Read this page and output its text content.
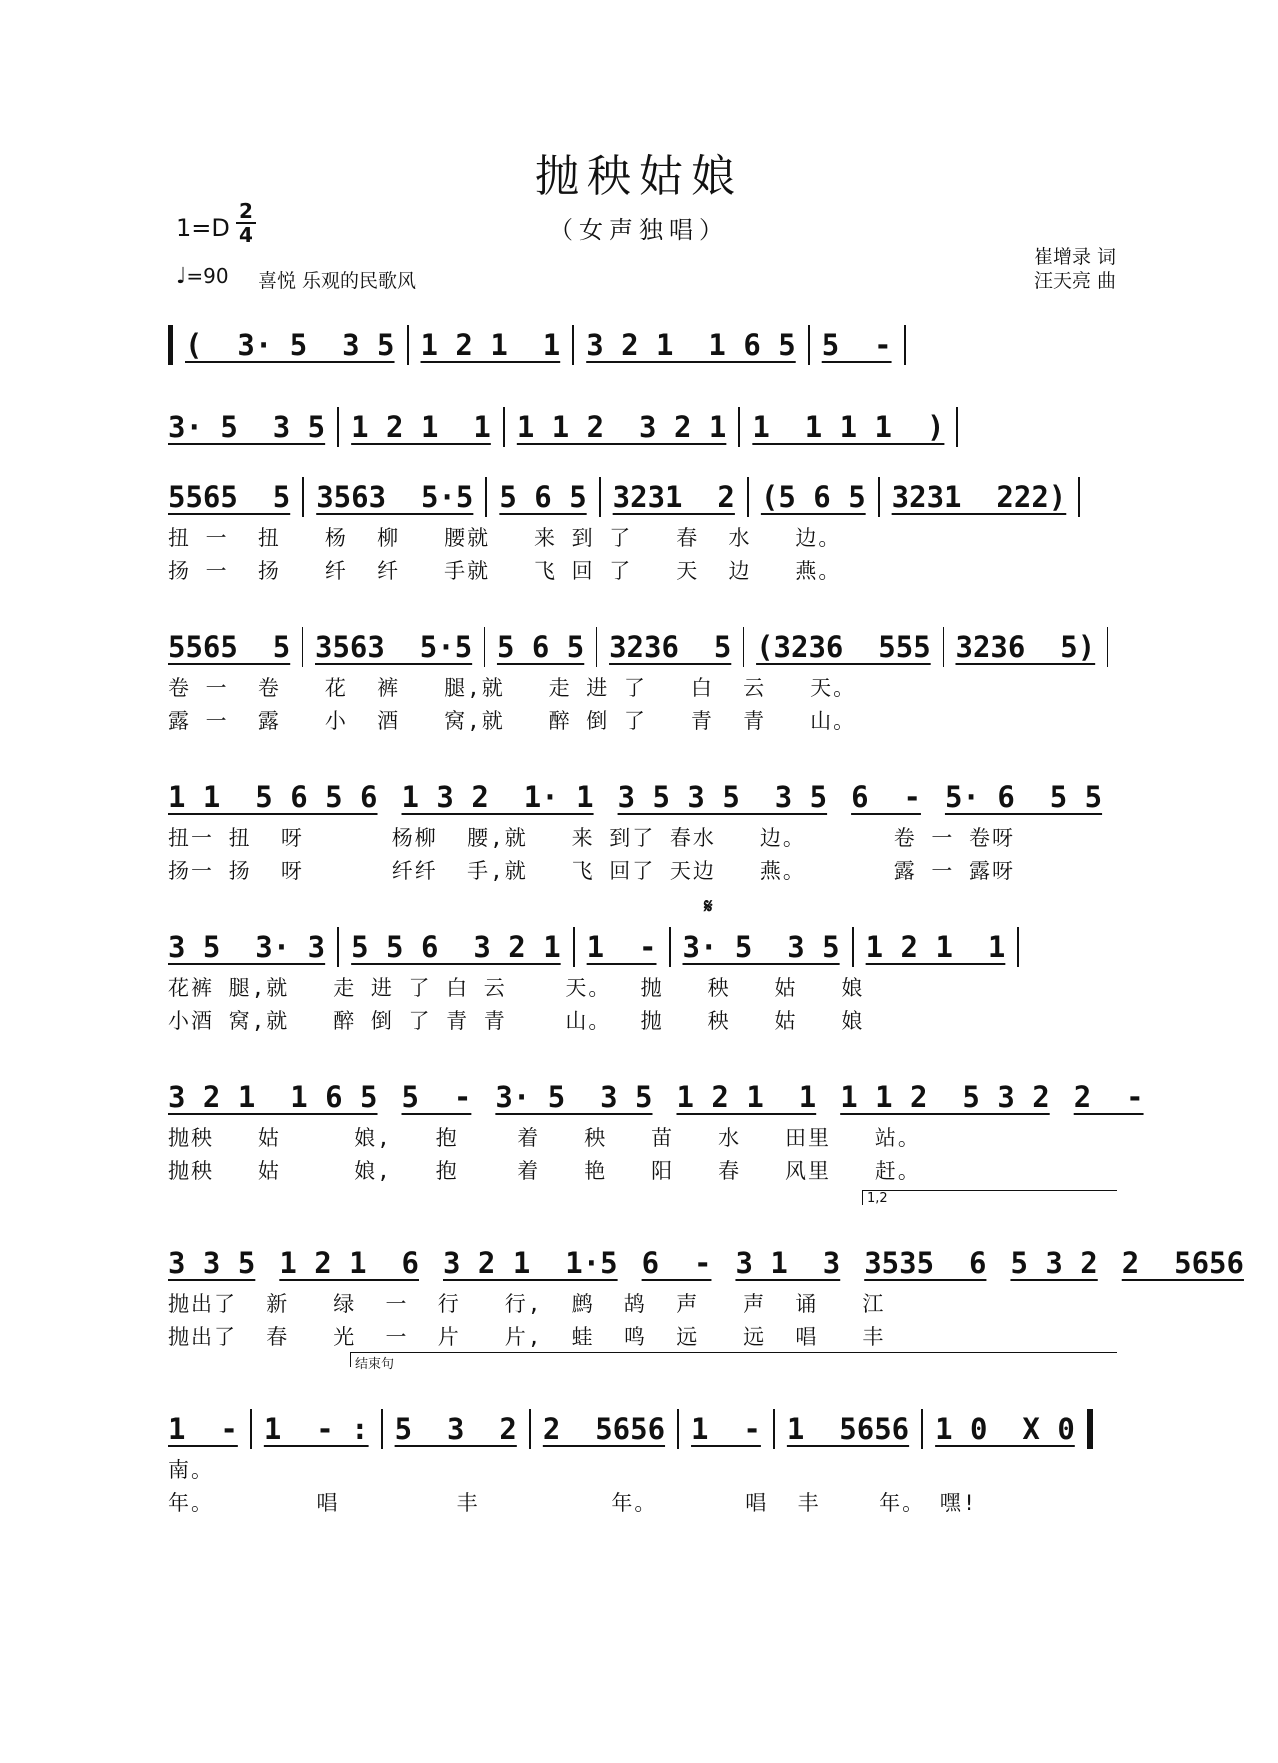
抛秧姑娘
（女声独唱）
$1=D \frac{2}{4}$
♩=90 喜悦 乐观的民歌风
崔增录 词
汪天亮 曲
(  3· 5  3 5 1 2 1  1 3 2 1  1 6 5 5  -
3· 5  3 5 1 2 1  1 1 1 2  3 2 1 1  1 1 1  )
5565  5 3563  5·5 5 6 5 3231  2 (5 6 5 3231  222)
扭 一  扭   杨  柳   腰就   来 到 了   春  水   边。
扬 一  扬   纤  纤   手就   飞 回 了   天  边   燕。
5565  5 3563  5·5 5 6 5 3236  5 (3236  555 3236  5)
卷 一  卷   花  裤   腿,就   走 进 了   白  云   天。
露 一  露   小  酒   窝,就   醉 倒 了   青  青   山。
1 1  5 6 5 6 1 3 2  1· 1 3 5 3 5  3 5 6  - 5· 6  5 5
扭一 扭  呀      杨柳  腰,就   来 到了 春水   边。      卷 一 卷呀
扬一 扬  呀      纤纤  手,就   飞 回了 天边   燕。      露 一 露呀
3 5  3· 3 5 5 6  3 2 1 1  - 3· 5  3 5 1 2 1  1
花裤 腿,就   走 进 了 白 云    天。  抛   秧   姑   娘
小酒 窝,就   醉 倒 了 青 青    山。  抛   秧   姑   娘
3 2 1  1 6 5 5  - 3· 5  3 5 1 2 1  1 1 1 2  5 3 2 2  -
抛秧   姑     娘,   抱    着   秧   苗   水   田里   站。
抛秧   姑     娘,   抱    着   艳   阳   春   风里   赶。
3 3 5 1 2 1  6 3 2 1  1·5 6  - 3 1  3 3535  6 5 3 2 2  5656
抛出了  新   绿  一  行   行,  鹧  鸪  声   声  诵   江
抛出了  春   光  一  片   片,  蛙  鸣  远   远  唱   丰
1  - 1  - : 5  3  2 2  5656 1  - 1  5656 1 0  X 0
南。
年。       唱        丰         年。      唱  丰    年。 嘿!
𝄋
1,2
结束句
